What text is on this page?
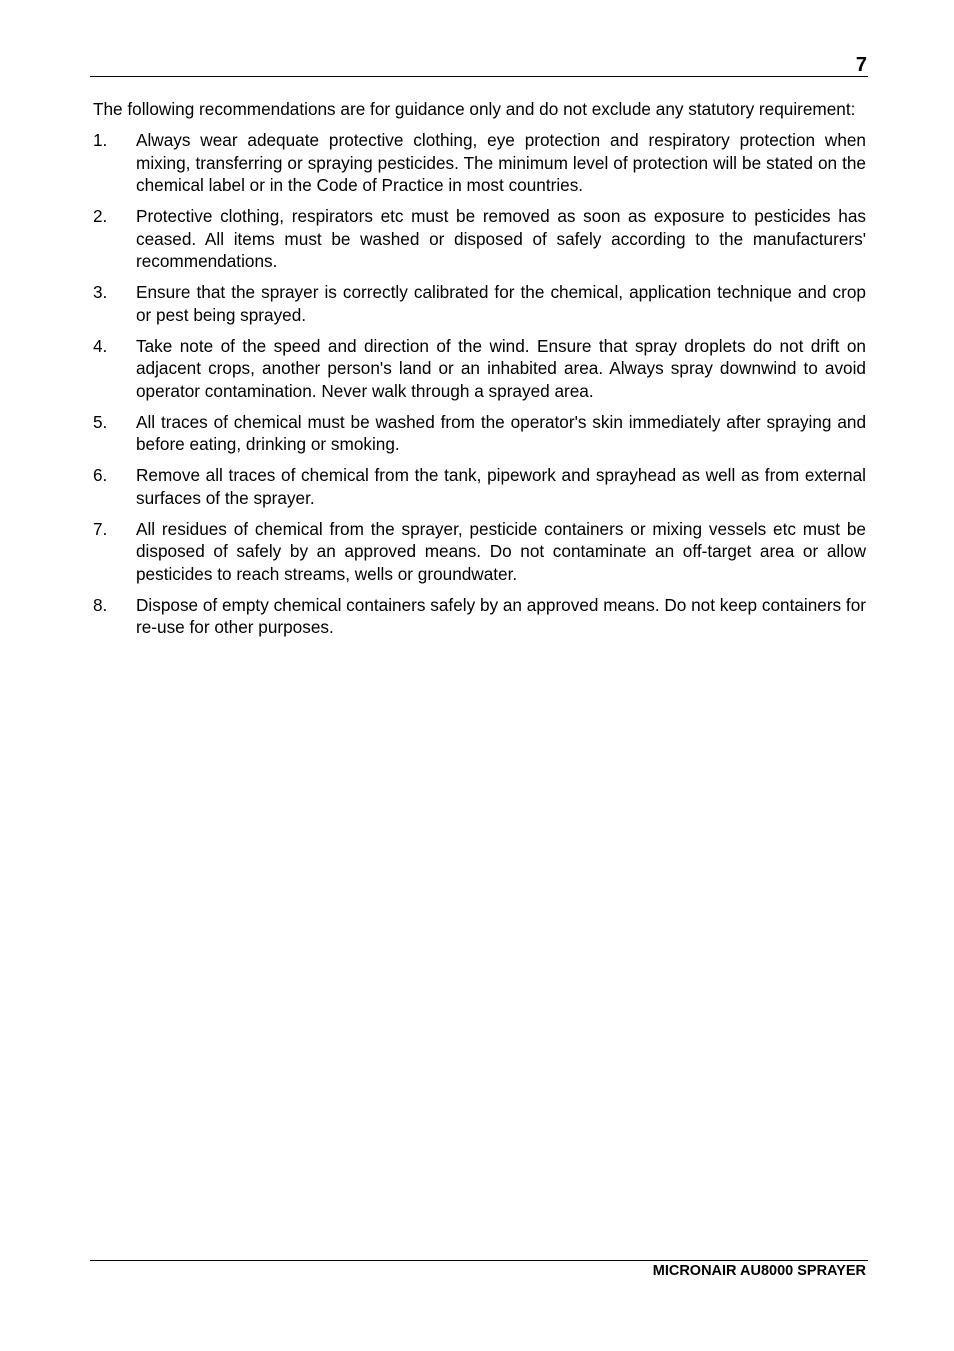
7

The following recommendations are for guidance only and do not exclude any statutory requirement:

1.	Always wear adequate protective clothing, eye protection and respiratory protection when mixing, transferring or spraying pesticides. The minimum level of protection will be stated on the chemical label or in the Code of Practice in most countries.
2.	Protective clothing, respirators etc must be removed as soon as exposure to pesticides has ceased. All items must be washed or disposed of safely according to the manufacturers' recommendations.
3.	Ensure that the sprayer is correctly calibrated for the chemical, application technique and crop or pest being sprayed.
4.	Take note of the speed and direction of the wind. Ensure that spray droplets do not drift on adjacent crops, another person's land or an inhabited area. Always spray downwind to avoid operator contamination. Never walk through a sprayed area.
5.	All traces of chemical must be washed from the operator's skin immediately after spraying and before eating, drinking or smoking.
6.	Remove all traces of chemical from the tank, pipework and sprayhead as well as from external surfaces of the sprayer.
7.	All residues of chemical from the sprayer, pesticide containers or mixing vessels etc must be disposed of safely by an approved means. Do not contaminate an off-target area or allow pesticides to reach streams, wells or groundwater.
8.	Dispose of empty chemical containers safely by an approved means. Do not keep containers for re-use for other purposes.
MICRONAIR AU8000 SPRAYER
